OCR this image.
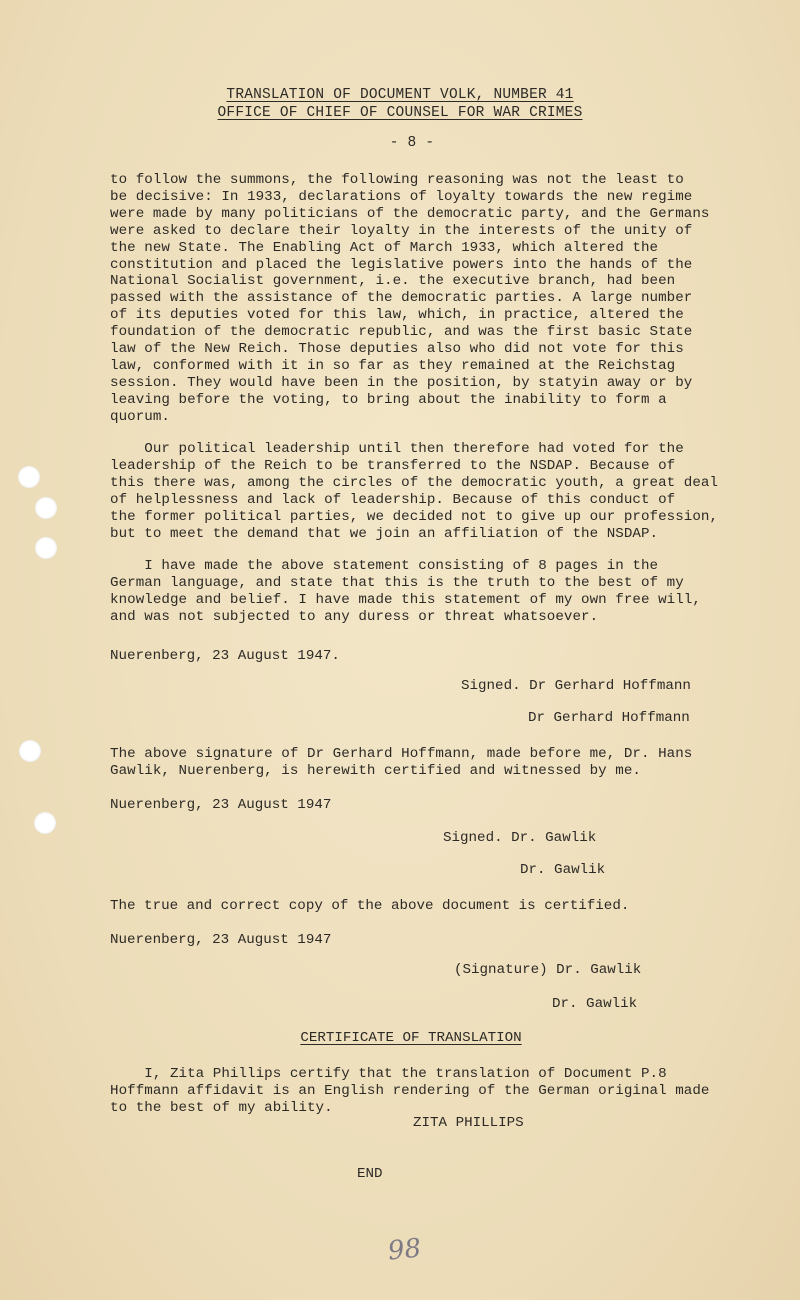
TRANSLATION OF DOCUMENT VOLK, NUMBER 41
OFFICE OF CHIEF OF COUNSEL FOR WAR CRIMES
- 8 -
to follow the summons, the following reasoning was not the least to
be decisive: In 1933, declarations of loyalty towards the new regime
were made by many politicians of the democratic party, and the Germans
were asked to declare their loyalty in the interests of the unity of
the new State. The Enabling Act of March 1933, which altered the
constitution and placed the legislative powers into the hands of the
National Socialist government, i.e. the executive branch, had been
passed with the assistance of the democratic parties. A large number
of its deputies voted for this law, which, in practice, altered the
foundation of the democratic republic, and was the first basic State
law of the New Reich. Those deputies also who did not vote for this
law, conformed with it in so far as they remained at the Reichstag
session. They would have been in the position, by statyin away or by
leaving before the voting, to bring about the inability to form a
quorum.
Our political leadership until then therefore had voted for the
leadership of the Reich to be transferred to the NSDAP. Because of
this there was, among the circles of the democratic youth, a great deal
of helplessness and lack of leadership. Because of this conduct of
the former political parties, we decided not to give up our profession,
but to meet the demand that we join an affiliation of the NSDAP.
I have made the above statement consisting of 8 pages in the
German language, and state that this is the truth to the best of my
knowledge and belief. I have made this statement of my own free will,
and was not subjected to any duress or threat whatsoever.
Nuerenberg, 23 August 1947.
Signed. Dr Gerhard Hoffmann
Dr Gerhard Hoffmann
The above signature of Dr Gerhard Hoffmann, made before me, Dr. Hans
Gawlik, Nuerenberg, is herewith certified and witnessed by me.
Nuerenberg, 23 August 1947
Signed. Dr. Gawlik
Dr. Gawlik
The true and correct copy of the above document is certified.
Nuerenberg, 23 August 1947
(Signature) Dr. Gawlik
Dr. Gawlik
CERTIFICATE OF TRANSLATION
I, Zita Phillips certify that the translation of Document P.8
Hoffmann affidavit is an English rendering of the German original made
to the best of my ability.
ZITA PHILLIPS
END
98
